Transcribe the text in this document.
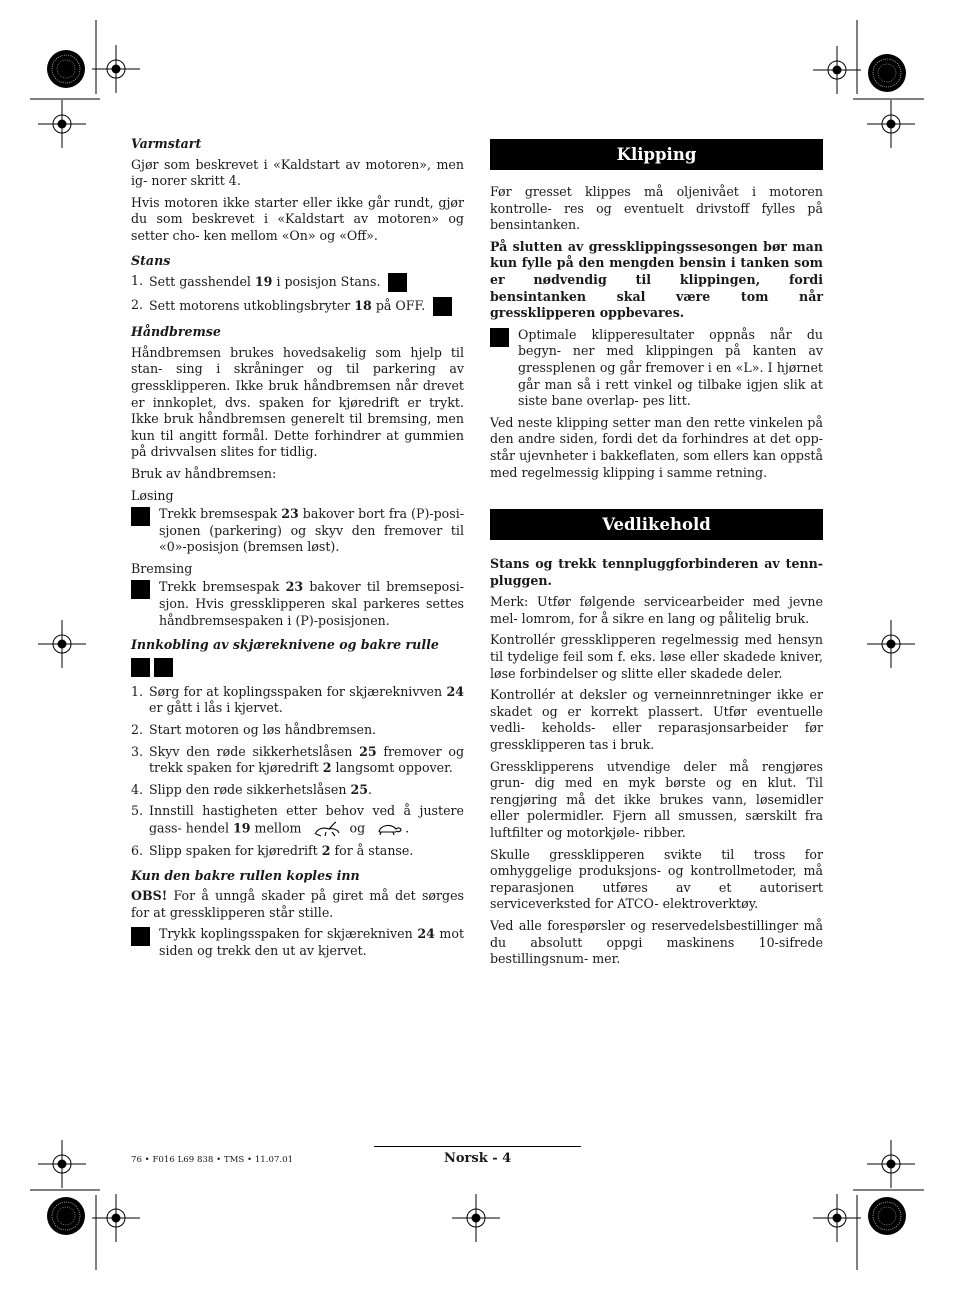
Varmstart

Gjør som beskrevet i «Kaldstart av motoren», men ig- norer skritt 4.

Hvis motoren ikke starter eller ikke går rundt, gjør du som beskrevet i «Kaldstart av motoren» og setter cho- ken mellom «On» og «Off».

Stans
1. Sett gasshendel 19 i posisjon Stans.
2. Sett motorens utkoblingsbryter 18 på OFF.
Håndbremse

Håndbremsen brukes hovedsakelig som hjelp til stan- sing i skråninger og til parkering av gressklipperen. Ikke bruk håndbremsen når drevet er innkoplet, dvs. spaken for kjøredrift er trykt. Ikke bruk håndbremsen generelt til bremsing, men kun til angitt formål. Dette forhindrer at gummien på drivvalsen slites for tidlig.

Bruk av håndbremsen:

Løsing
Trekk bremsespak 23 bakover bort fra (P)-posi- sjonen (parkering) og skyv den fremover til «0»-posisjon (bremsen løst).
Bremsing
Trekk bremsespak 23 bakover til bremseposi- sjon. Hvis gressklipperen skal parkeres settes håndbremsespaken i (P)-posisjonen.
Innkobling av skjæreknivene og bakre rulle
1. Sørg for at koplingsspaken for skjæreknivven 24 er gått i lås i kjervet.
2. Start motoren og løs håndbremsen.
3. Skyv den røde sikkerhetslåsen 25 fremover og trekk spaken for kjøredrift 2 langsomt oppover.
4. Slipp den røde sikkerhetslåsen 25.
5. Innstill hastigheten etter behov ved å justere gass- hendel 19 mellom	og	.
6. Slipp spaken for kjøredrift 2 for å stanse.
Kun den bakre rullen koples inn

OBS! For å unngå skader på giret må det sørges for at gressklipperen står stille.

Trykk koplingsspaken for skjærekniven 24 mot siden og trekk den ut av kjervet.
Klipping

Før gresset klippes må oljenivået i motoren kontrolle- res og eventuelt drivstoff fylles på bensintanken.

På slutten av gressklippingssesongen bør man kun fylle på den mengden bensin i tanken som er nødvendig til klippingen, fordi bensintanken skal være tom når gressklipperen oppbevares.

Optimale klipperesultater oppnås når du begyn- ner med klippingen på kanten av gressplenen og går fremover i en «L». I hjørnet går man så i rett vinkel og tilbake igjen slik at siste bane overlap- pes litt.

Ved neste klipping setter man den rette vinkelen på den andre siden, fordi det da forhindres at det opp- står ujevnheter i bakkeflaten, som ellers kan oppstå med regelmessig klipping i samme retning.

Vedlikehold

Stans og trekk tennpluggforbinderen av tenn- pluggen.

Merk: Utfør følgende servicearbeider med jevne mel- lomrom, for å sikre en lang og pålitelig bruk.

Kontrollér gressklipperen regelmessig med hensyn til tydelige feil som f. eks. løse eller skadede kniver, løse forbindelser og slitte eller skadede deler.

Kontrollér at deksler og verneinnretninger ikke er skadet og er korrekt plassert. Utfør eventuelle vedli- keholds- eller reparasjonsarbeider før gressklipperen tas i bruk.

Gressklipperens utvendige deler må rengjøres grun- dig med en myk børste og en klut. Til rengjøring må det ikke brukes vann, løsemidler eller polermidler. Fjern all smussen, særskilt fra luftfilter og motorkjøle- ribber.

Skulle gressklipperen svikte til tross for omhyggelige produksjons- og kontrollmetoder, må reparasjonen utføres av et autorisert serviceverksted for ATCO- elektroverktøy.

Ved alle forespørsler og reservedelsbestillinger må du absolutt oppgi maskinens 10-sifrede bestillingsnum- mer.

76 • F016 L69 838 • TMS • 11.07.01	Norsk - 4
